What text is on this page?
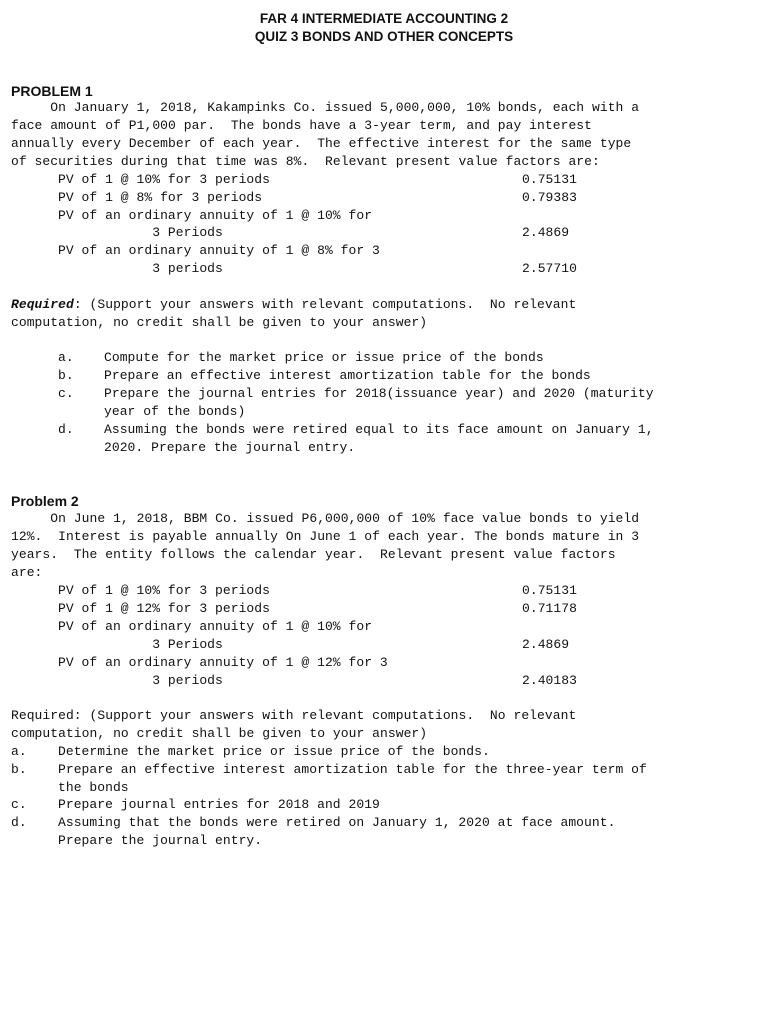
FAR 4 INTERMEDIATE ACCOUNTING 2
QUIZ 3 BONDS AND OTHER CONCEPTS
PROBLEM 1
On January 1, 2018, Kakampinks Co. issued 5,000,000, 10% bonds, each with a
face amount of P1,000 par.  The bonds have a 3-year term, and pay interest
annually every December of each year.  The effective interest for the same type
of securities during that time was 8%.  Relevant present value factors are:
PV of 1 @ 10% for 3 periods	0.75131
PV of 1 @ 8% for 3 periods	0.79383
PV of an ordinary annuity of 1 @ 10% for
3 Periods	2.4869
PV of an ordinary annuity of 1 @ 8% for 3
3 periods	2.57710
Required: (Support your answers with relevant computations.  No relevant
computation, no credit shall be given to your answer)
a. Compute for the market price or issue price of the bonds
b. Prepare an effective interest amortization table for the bonds
c. Prepare the journal entries for 2018(issuance year) and 2020 (maturity
year of the bonds)
d. Assuming the bonds were retired equal to its face amount on January 1,
2020. Prepare the journal entry.
Problem 2
On June 1, 2018, BBM Co. issued P6,000,000 of 10% face value bonds to yield
12%.  Interest is payable annually On June 1 of each year. The bonds mature in 3
years.  The entity follows the calendar year.  Relevant present value factors
are:
PV of 1 @ 10% for 3 periods	0.75131
PV of 1 @ 12% for 3 periods	0.71178
PV of an ordinary annuity of 1 @ 10% for
3 Periods	2.4869
PV of an ordinary annuity of 1 @ 12% for 3
3 periods	2.40183
Required: (Support your answers with relevant computations.  No relevant
computation, no credit shall be given to your answer)
a. Determine the market price or issue price of the bonds.
b. Prepare an effective interest amortization table for the three-year term of
the bonds
c. Prepare journal entries for 2018 and 2019
d. Assuming that the bonds were retired on January 1, 2020 at face amount.
Prepare the journal entry.
